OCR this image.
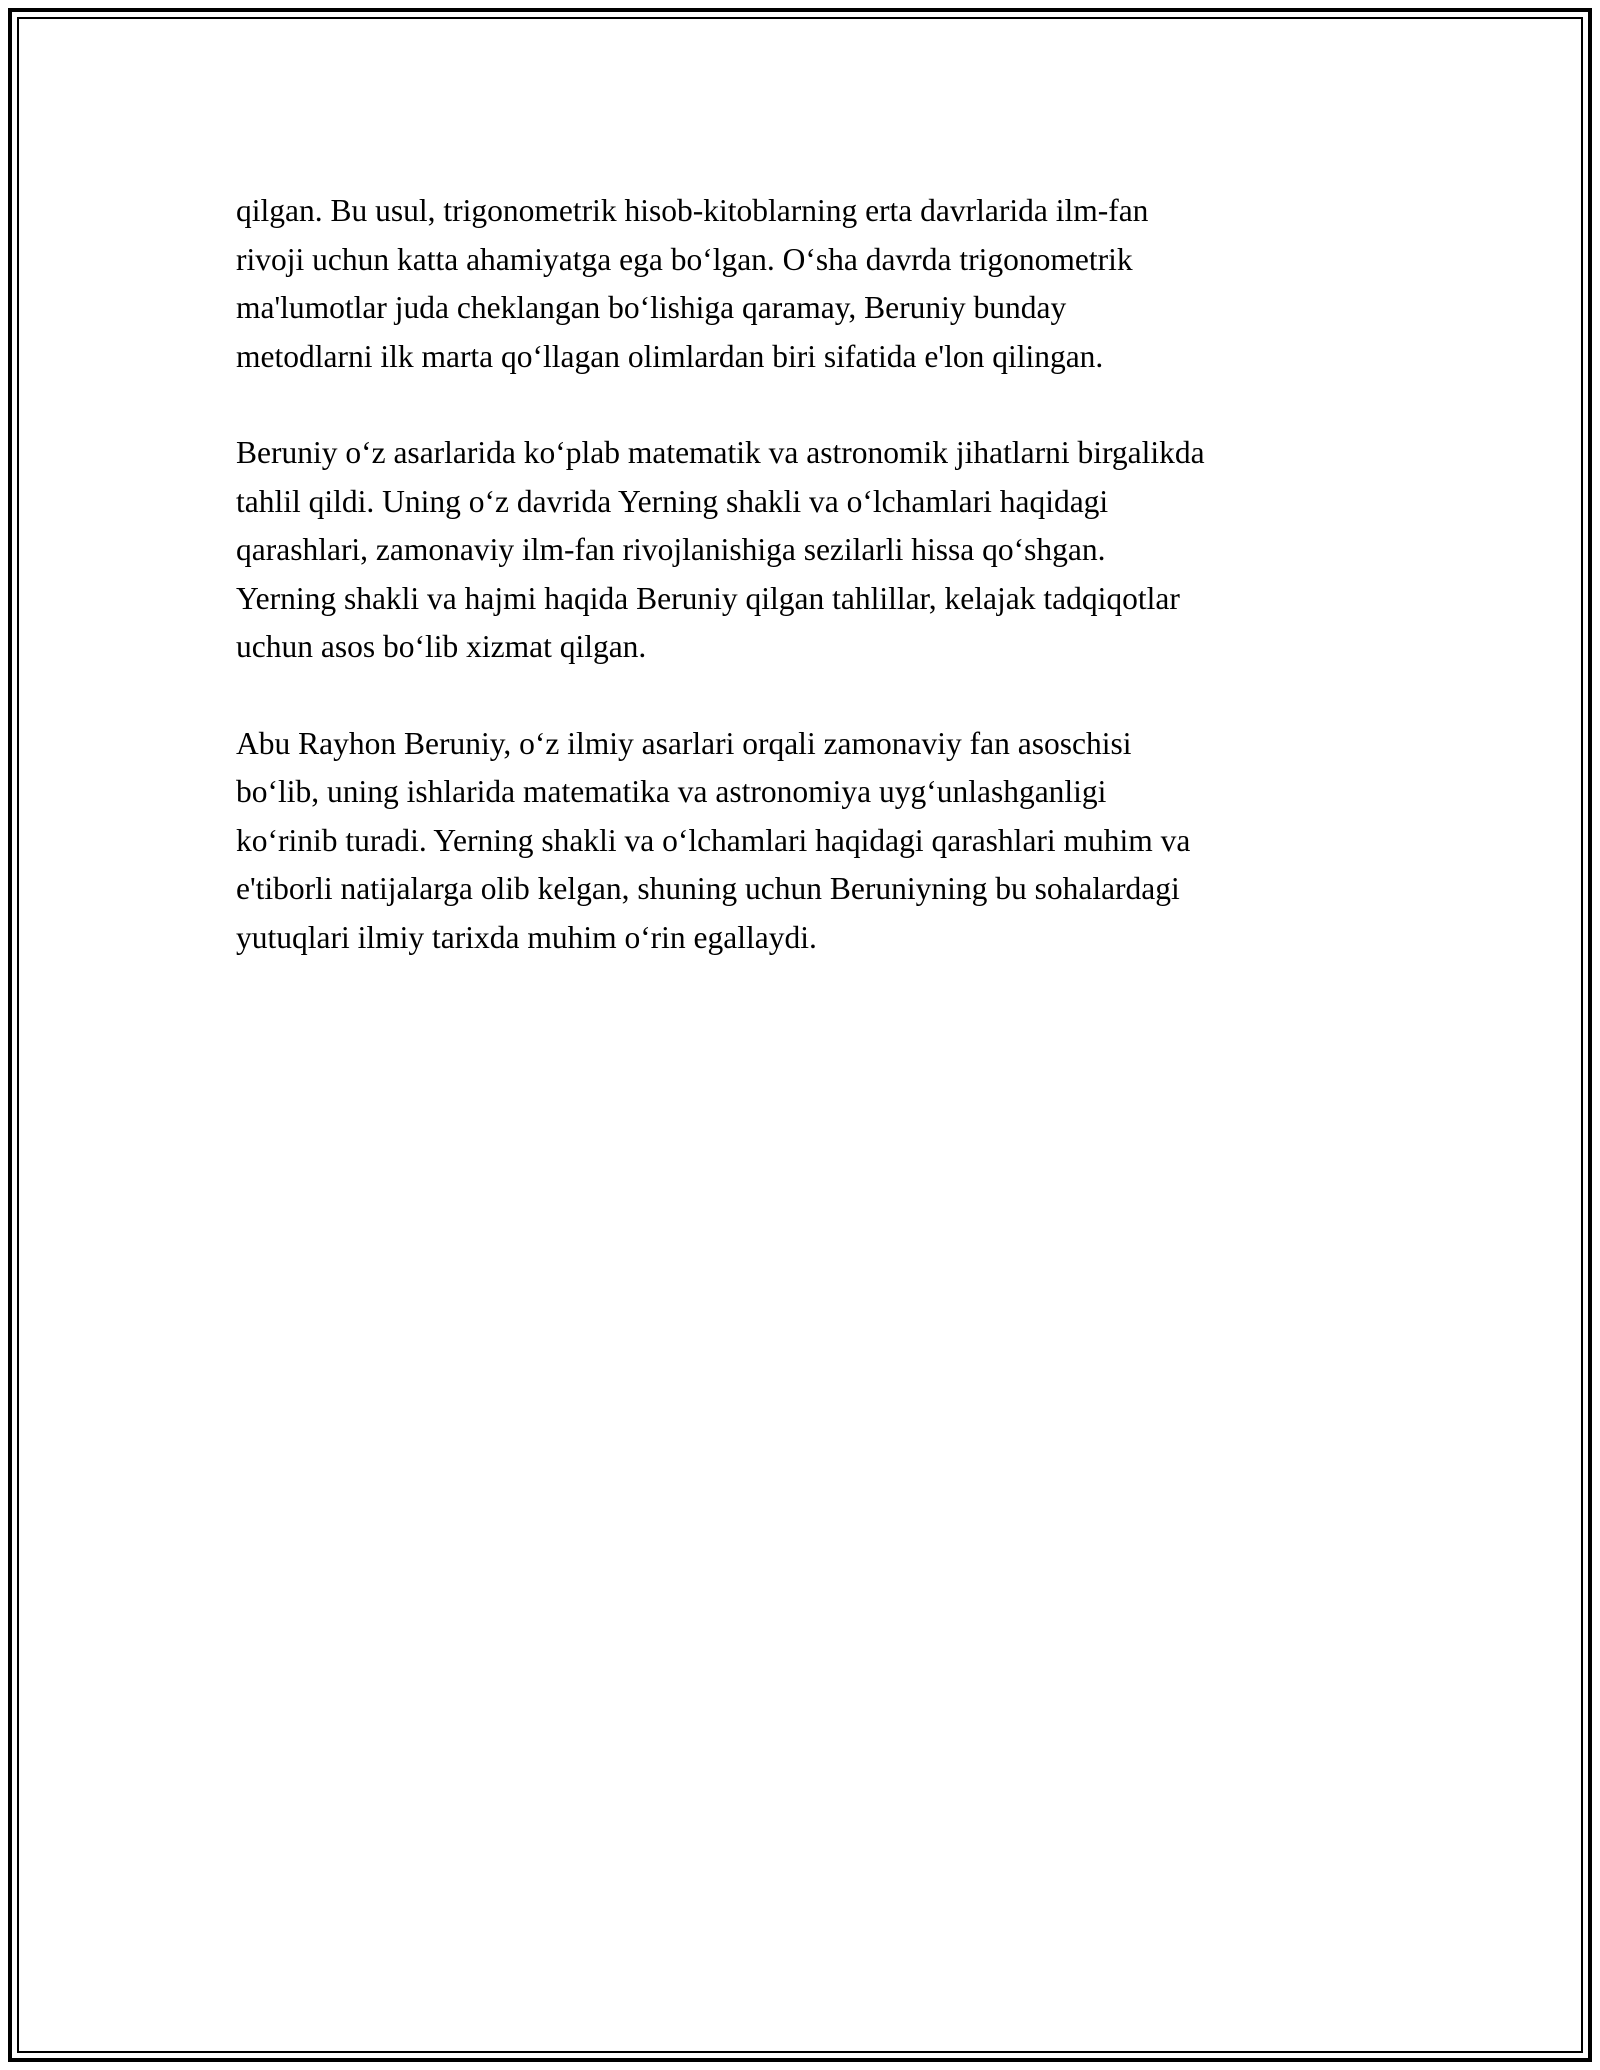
qilgan. Bu usul, trigonometrik hisob-kitoblarning erta davrlarida ilm-fan
rivoji uchun katta ahamiyatga ega bo‘lgan. O‘sha davrda trigonometrik
ma'lumotlar juda cheklangan bo‘lishiga qaramay, Beruniy bunday
metodlarni ilk marta qo‘llagan olimlardan biri sifatida e'lon qilingan.

Beruniy o‘z asarlarida ko‘plab matematik va astronomik jihatlarni birgalikda
tahlil qildi. Uning o‘z davrida Yerning shakli va o‘lchamlari haqidagi
qarashlari, zamonaviy ilm-fan rivojlanishiga sezilarli hissa qo‘shgan.
Yerning shakli va hajmi haqida Beruniy qilgan tahlillar, kelajak tadqiqotlar
uchun asos bo‘lib xizmat qilgan.

Abu Rayhon Beruniy, o‘z ilmiy asarlari orqali zamonaviy fan asoschisi
bo‘lib, uning ishlarida matematika va astronomiya uyg‘unlashganligi
ko‘rinib turadi. Yerning shakli va o‘lchamlari haqidagi qarashlari muhim va
e'tiborli natijalarga olib kelgan, shuning uchun Beruniyning bu sohalardagi
yutuqlari ilmiy tarixda muhim o‘rin egallaydi.
